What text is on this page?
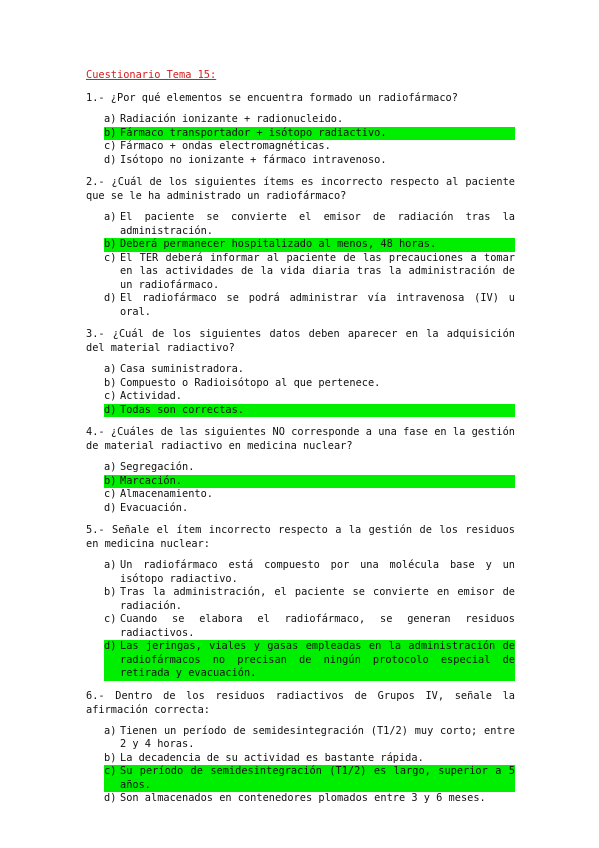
Cuestionario Tema 15:
1.- ¿Por qué elementos se encuentra formado un radiofármaco?
a) Radiación ionizante + radionucleido.
b) Fármaco transportador + isótopo radiactivo.
c) Fármaco + ondas electromagnéticas.
d) Isótopo no ionizante + fármaco intravenoso.
2.- ¿Cuál de los siguientes ítems es incorrecto respecto al paciente que se le ha administrado un radiofármaco?
a) El paciente se convierte el emisor de radiación tras la administración.
b) Deberá permanecer hospitalizado al menos, 48 horas.
c) El TER deberá informar al paciente de las precauciones a tomar en las actividades de la vida diaria tras la administración de un radiofármaco.
d) El radiofármaco se podrá administrar vía intravenosa (IV) u oral.
3.- ¿Cuál de los siguientes datos deben aparecer en la adquisición del material radiactivo?
a) Casa suministradora.
b) Compuesto o Radioisótopo al que pertenece.
c) Actividad.
d) Todas son correctas.
4.- ¿Cuáles de las siguientes NO corresponde a una fase en la gestión de material radiactivo en medicina nuclear?
a) Segregación.
b) Marcación.
c) Almacenamiento.
d) Evacuación.
5.- Señale el ítem incorrecto respecto a la gestión de los residuos en medicina nuclear:
a) Un radiofármaco está compuesto por una molécula base y un isótopo radiactivo.
b) Tras la administración, el paciente se convierte en emisor de radiación.
c) Cuando se elabora el radiofármaco, se generan residuos radiactivos.
d) Las jeringas, viales y gasas empleadas en la administración de radiofármacos no precisan de ningún protocolo especial de retirada y evacuación.
6.- Dentro de los residuos radiactivos de Grupos IV, señale la afirmación correcta:
a) Tienen un período de semidesintegración (T1/2) muy corto; entre 2 y 4 horas.
b) La decadencia de su actividad es bastante rápida.
c) Su período de semidesintegración (T1/2) es largo, superior a 5 años.
d) Son almacenados en contenedores plomados entre 3 y 6 meses.
